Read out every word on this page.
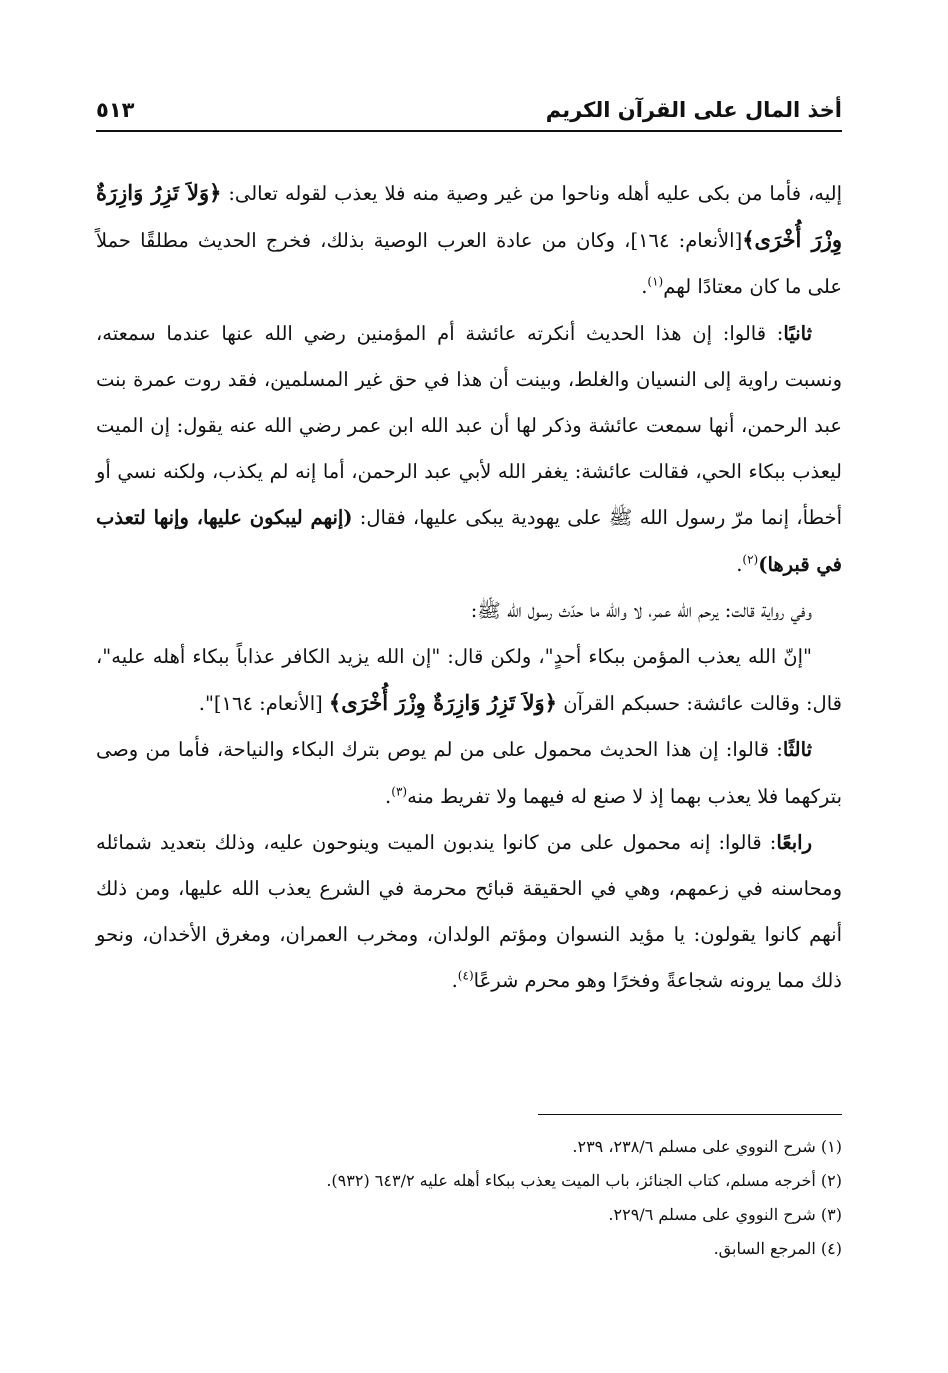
أخذ المال على القرآن الكريم
٥١٣

إليه، فأما من بكى عليه أهله وناحوا من غير وصية منه فلا يعذب لقوله تعالى: ﴿وَلاَ تَزِرُ وَازِرَةٌ وِزْرَ أُخْرَى﴾[الأنعام: ١٦٤]، وكان من عادة العرب الوصية بذلك، فخرج الحديث مطلقًا حملاً على ما كان معتادًا لهم$^{(١)}$.

ثانيًا: قالوا: إن هذا الحديث أنكرته عائشة أم المؤمنين رضي الله عنها عندما سمعته، ونسبت راوية إلى النسيان والغلط، وبينت أن هذا في حق غير المسلمين، فقد روت عمرة بنت عبد الرحمن، أنها سمعت عائشة وذكر لها أن عبد الله ابن عمر رضي الله عنه يقول: إن الميت ليعذب ببكاء الحي، فقالت عائشة: يغفر الله لأبي عبد الرحمن، أما إنه لم يكذب، ولكنه نسي أو أخطأ، إنما مرّ رسول الله ﷺ على يهودية يبكى عليها، فقال: (إنهم ليبكون عليها، وإنها لتعذب في قبرها)$^{(٢)}$.

وفي رواية قالت: يرحم الله عمر، لا والله ما حدّث رسول الله ﷺ:

"إنّ الله يعذب المؤمن ببكاء أحدٍ"، ولكن قال: "إن الله يزيد الكافر عذاباً ببكاء أهله عليه"، قال: وقالت عائشة: حسبكم القرآن ﴿وَلاَ تَزِرُ وَازِرَةٌ وِزْرَ أُخْرَى﴾ [الأنعام: ١٦٤]".

ثالثًا: قالوا: إن هذا الحديث محمول على من لم يوص بترك البكاء والنياحة، فأما من وصى بتركهما فلا يعذب بهما إذ لا صنع له فيهما ولا تفريط منه$^{(٣)}$.

رابعًا: قالوا: إنه محمول على من كانوا يندبون الميت وينوحون عليه، وذلك بتعديد شمائله ومحاسنه في زعمهم، وهي في الحقيقة قبائح محرمة في الشرع يعذب الله عليها، ومن ذلك أنهم كانوا يقولون: يا مؤيد النسوان ومؤتم الولدان، ومخرب العمران، ومغرق الأخدان، ونحو ذلك مما يرونه شجاعةً وفخرًا وهو محرم شرعًا$^{(٤)}$.

(١) شرح النووي على مسلم ٢٣٨/٦، ٢٣٩.

(٢) أخرجه مسلم، كتاب الجنائز، باب الميت يعذب ببكاء أهله عليه ٦٤٣/٢ (٩٣٢).

(٣) شرح النووي على مسلم ٢٢٩/٦.

(٤) المرجع السابق.
